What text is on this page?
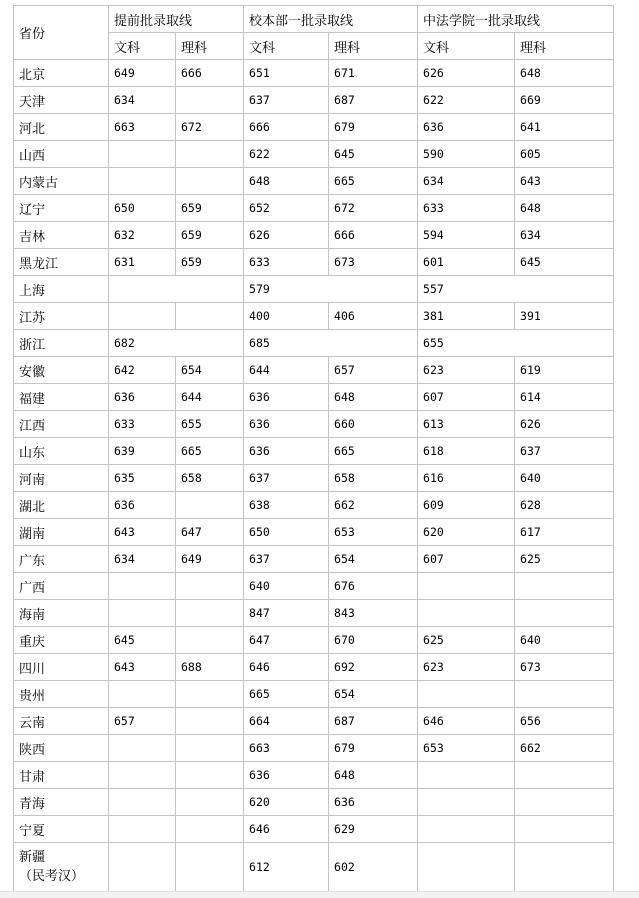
省份	提前批录取线		校本部一批录取线		中法学院一批录取线	
	文科	理科	文科	理科	文科	理科
北京	649	666	651	671	626	648
天津	634		637	687	622	669
河北	663	672	666	679	636	641
山西			622	645	590	605
内蒙古			648	665	634	643
辽宁	650	659	652	672	633	648
吉林	632	659	626	666	594	634
黑龙江	631	659	633	673	601	645
上海			579		557	
江苏			400	406	381	391
浙江	682		685		655	
安徽	642	654	644	657	623	619
福建	636	644	636	648	607	614
江西	633	655	636	660	613	626
山东	639	665	636	665	618	637
河南	635	658	637	658	616	640
湖北	636		638	662	609	628
湖南	643	647	650	653	620	617
广东	634	649	637	654	607	625
广西			640	676		
海南			847	843		
重庆	645		647	670	625	640
四川	643	688	646	692	623	673
贵州			665	654		
云南	657		664	687	646	656
陕西			663	679	653	662
甘肃			636	648		
青海			620	636		
宁夏			646	629		

新疆
（民考汉）			612	602		
